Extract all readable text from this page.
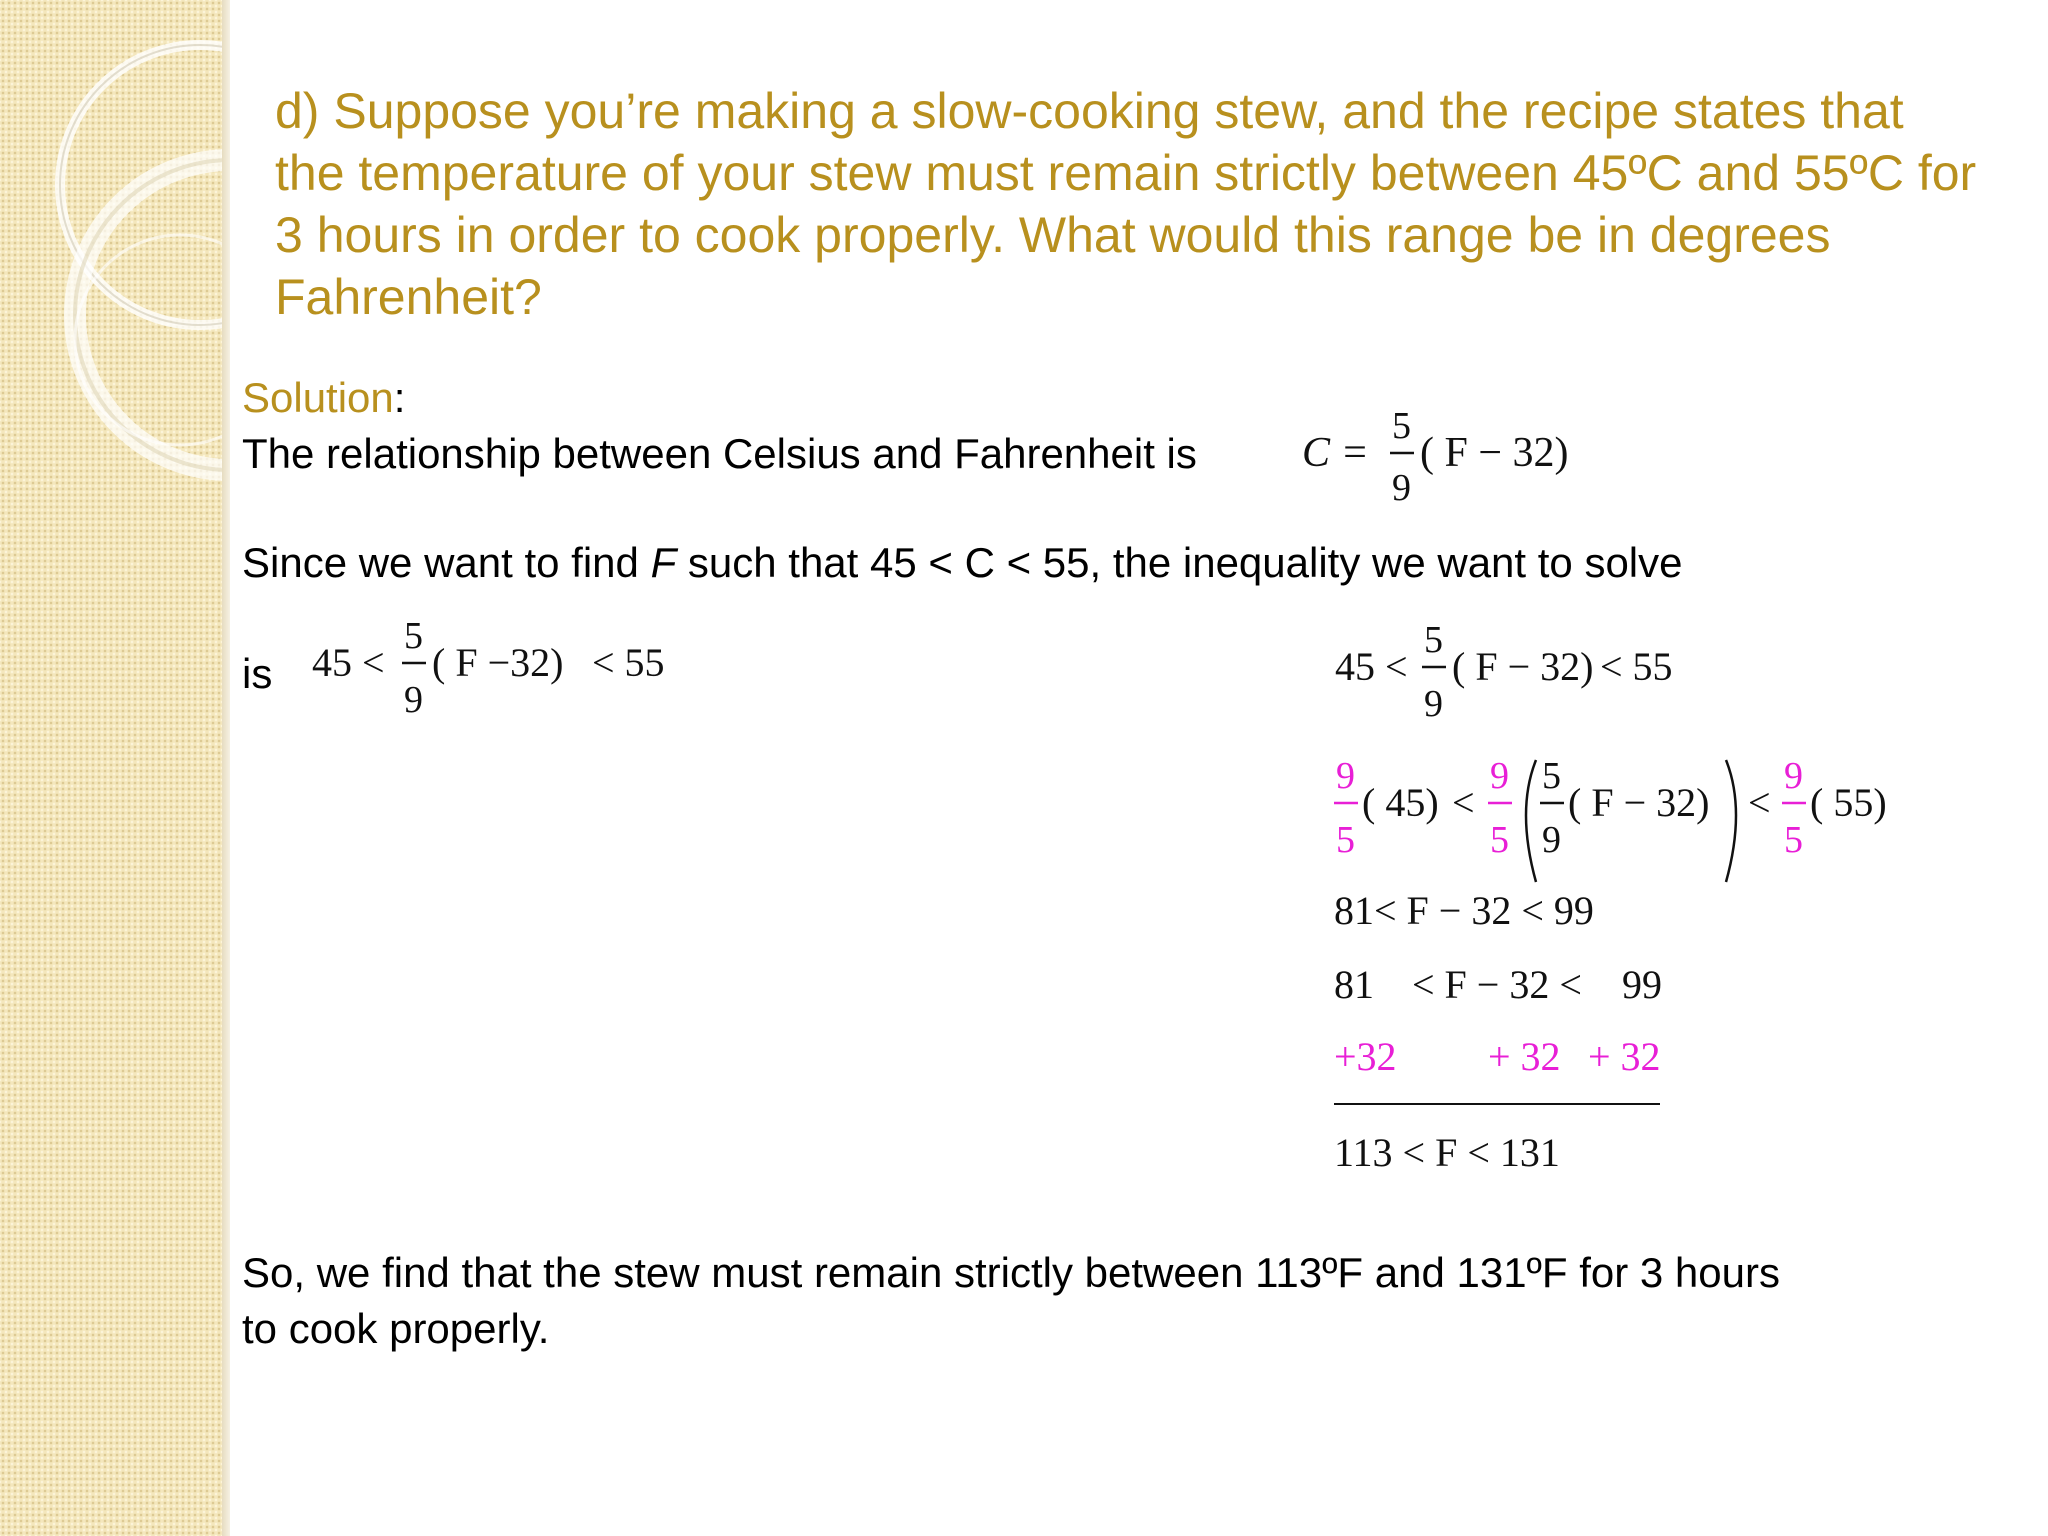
d) Suppose you’re making a slow-cooking stew, and the recipe states that
the temperature of your stew must remain strictly between 45ºC and 55ºC for
3 hours in order to cook properly. What would this range be in degrees
Fahrenheit?
Solution:
The relationship between Celsius and Fahrenheit is	C =
5
9
( F − 32)
Since we want to find F such that 45 < C < 55, the inequality we want to solve
is 45 <
5
9
( F −32) < 55	45 <
5
9
( F − 32) < 55
9
5
( 45) <
9
5
5
9
( F − 32) <
9
5
( 55)
81< F − 32 < 99
81 < F − 32 < 99
+32 + 32 + 32
113 < F < 131
So, we find that the stew must remain strictly between 113ºF and 131ºF for 3 hours
to cook properly.
